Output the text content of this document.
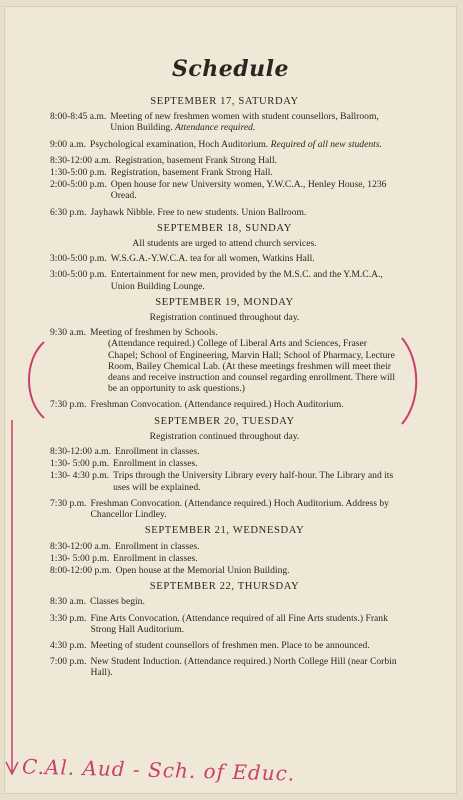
Schedule
SEPTEMBER 17, SATURDAY
8:00-8:45 a.m. Meeting of new freshmen women with student counsellors, Ballroom, Union Building. Attendance required.
9:00 a.m. Psychological examination, Hoch Auditorium. Required of all new students.
8:30-12:00 a.m. Registration, basement Frank Strong Hall.
1:30-5:00 p.m. Registration, basement Frank Strong Hall.
2:00-5:00 p.m. Open house for new University women, Y.W.C.A., Henley House, 1236 Oread.
6:30 p.m. Jayhawk Nibble. Free to new students. Union Ballroom.
SEPTEMBER 18, SUNDAY
All students are urged to attend church services.
3:00-5:00 p.m. W.S.G.A.-Y.W.C.A. tea for all women, Watkins Hall.
3:00-5:00 p.m. Entertainment for new men, provided by the M.S.C. and the Y.M.C.A., Union Building Lounge.
SEPTEMBER 19, MONDAY
Registration continued throughout day.
9:30 a.m. Meeting of freshmen by Schools.
(Attendance required.) College of Liberal Arts and Sciences, Fraser Chapel; School of Engineering, Marvin Hall; School of Pharmacy, Lecture Room, Bailey Chemical Lab. (At these meetings freshmen will meet their deans and receive instruction and counsel regarding enrollment. There will be an opportunity to ask questions.)
7:30 p.m. Freshman Convocation. (Attendance required.) Hoch Auditorium.
SEPTEMBER 20, TUESDAY
Registration continued throughout day.
8:30-12:00 a.m. Enrollment in classes.
1:30- 5:00 p.m. Enrollment in classes.
1:30- 4:30 p.m. Trips through the University Library every half-hour. The Library and its uses will be explained.
7:30 p.m. Freshman Convocation. (Attendance required.) Hoch Auditorium. Address by Chancellor Lindley.
SEPTEMBER 21, WEDNESDAY
8:30-12:00 a.m. Enrollment in classes.
1:30- 5:00 p.m. Enrollment in classes.
8:00-12:00 p.m. Open house at the Memorial Union Building.
SEPTEMBER 22, THURSDAY
8:30 a.m. Classes begin.
3:30 p.m. Fine Arts Convocation. (Attendance required of all Fine Arts students.) Frank Strong Hall Auditorium.
4:30 p.m. Meeting of student counsellors of freshmen men. Place to be announced.
7:00 p.m. New Student Induction. (Attendance required.) North College Hill (near Corbin Hall).
C.Al. Aud - Sch. of Educ.
